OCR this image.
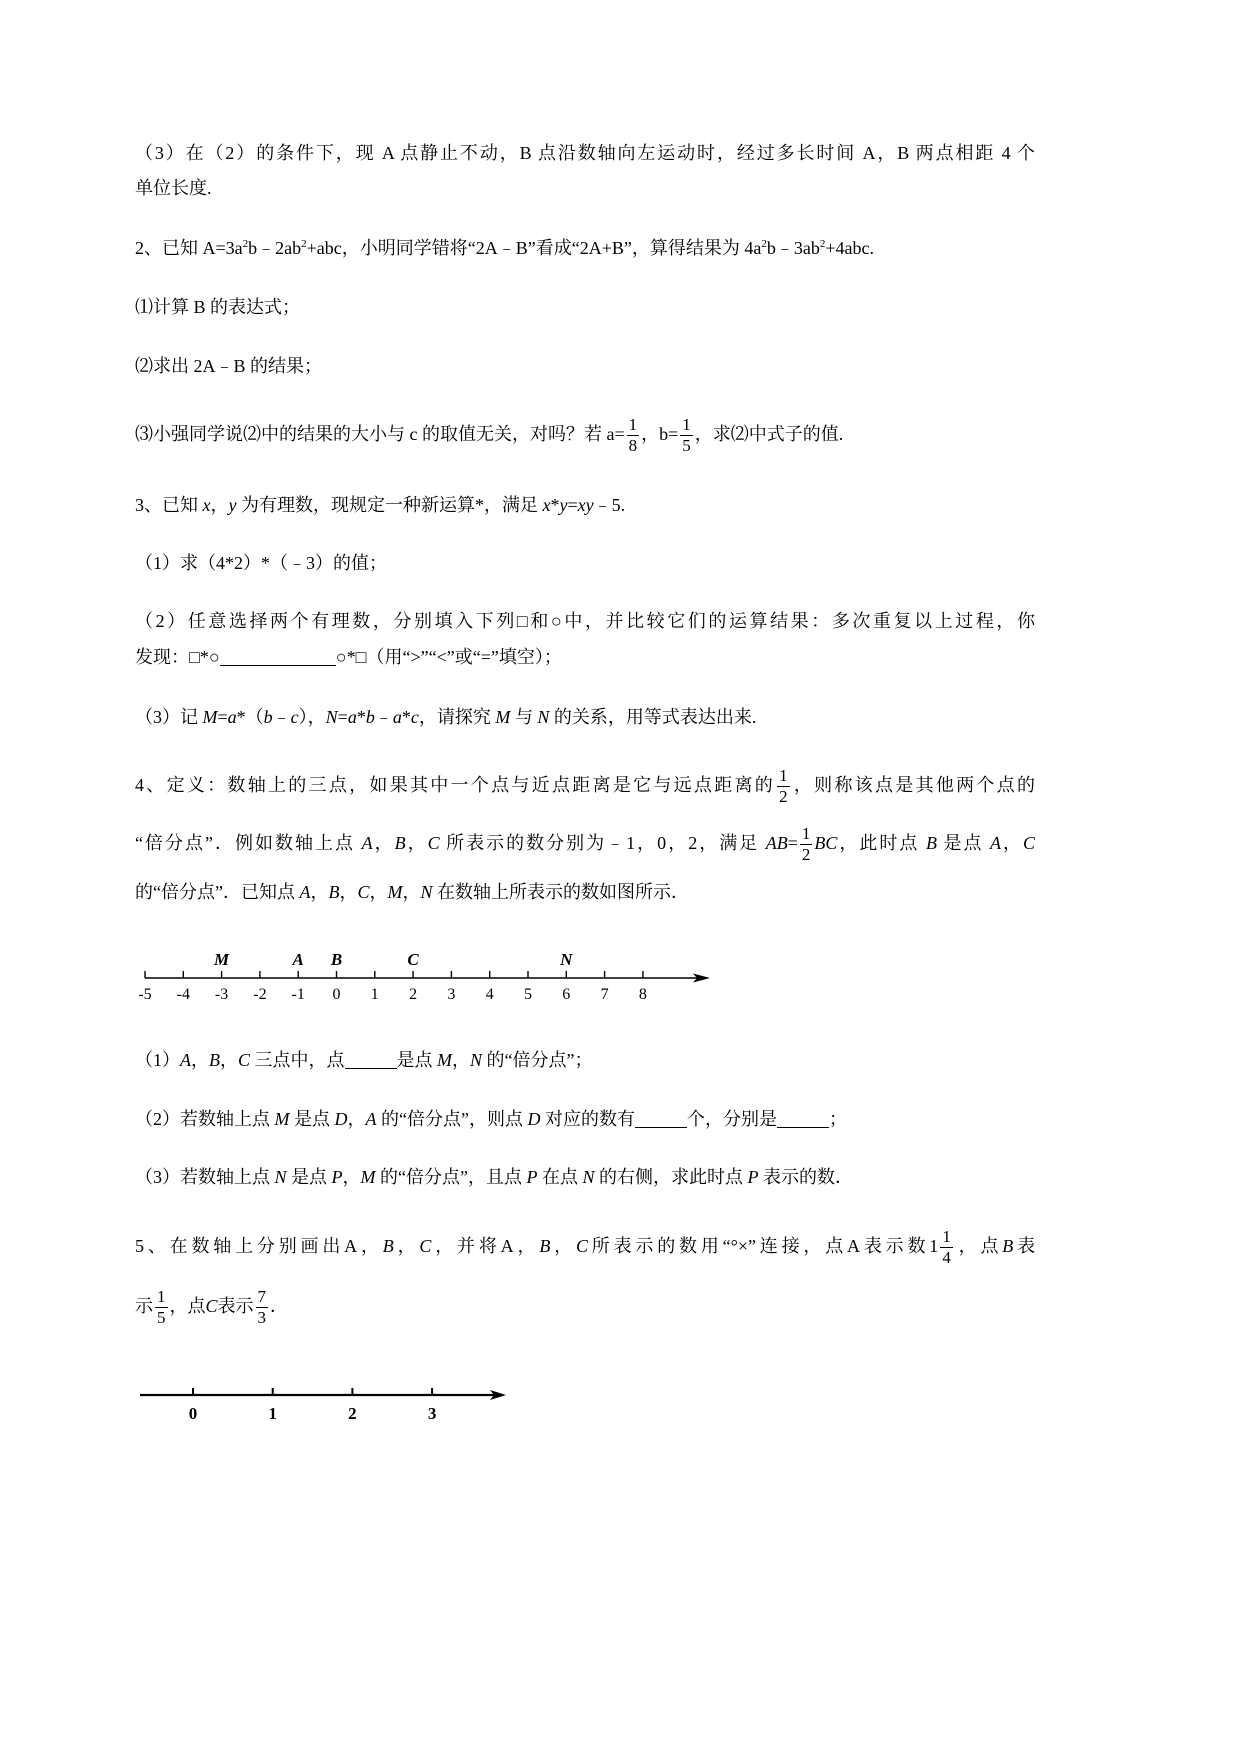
（3）在（2）的条件下，现 A 点静止不动，B 点沿数轴向左运动时，经过多长时间 A，B 两点相距 4 个
单位长度.
2、已知 $A=3a^2b﹣2ab^2+abc$，小明同学错将“2A﹣B”看成“2A+B”，算得结果为 $4a^2b﹣3ab^2+4abc$.
⑴计算 B 的表达式；
⑵求出 2A﹣B 的结果；
⑶小强同学说⑵中的结果的大小与 c 的取值无关，对吗？若 $a= \frac{1}{8}$ ，$b= \frac{1}{5}$ ，求⑵中式子的值.
3、已知 x，y 为有理数，现规定一种新运算*，满足 x*y=xy﹣5.
（1）求（4*2）*（﹣3）的值；
（2）任意选择两个有理数，分别填入下列□和○中，并比较它们的运算结果：多次重复以上过程，你
发现：□*○	○*□（用“>”“<”或“=”填空）；
（3）记 M=a*（b﹣c），N=a*b﹣a*c，请探究 M 与 N 的关系，用等式表达出来.
4、定义：数轴上的三点，如果其中一个点与近点距离是它与远点距离的 $\frac{1}{2}$ ，则称该点是其他两个点的
“倍分点”．例如数轴上点 A，B，C 所表示的数分别为﹣1，0，2，满足 $AB= \frac{1}{2}$ BC，此时点 B 是点 A，C
的“倍分点”．已知点 A，B，C，M，N 在数轴上所表示的数如图所示．
-5 -4 -3 -2 -1 0 1 2 3 4 5 6 7 8
M	A B	C	N
（1）A，B，C 三点中，点	是点 M，N 的“倍分点”；
（2）若数轴上点 M 是点 D，A 的“倍分点”，则点 D 对应的数有	个，分别是	；
（3）若数轴上点 N 是点 P，M 的“倍分点”，且点 P 在点 N 的右侧，求此时点 P 表示的数．
5、在数轴上分别画出A，B，C，并将A，B，C所表示的数用“°×”连接，点A表示数$1 \frac{1}{4}$ ，点B表
示 $\frac{1}{5}$ ，点C表示 $\frac{7}{3}$ ．
0	1	2	3
